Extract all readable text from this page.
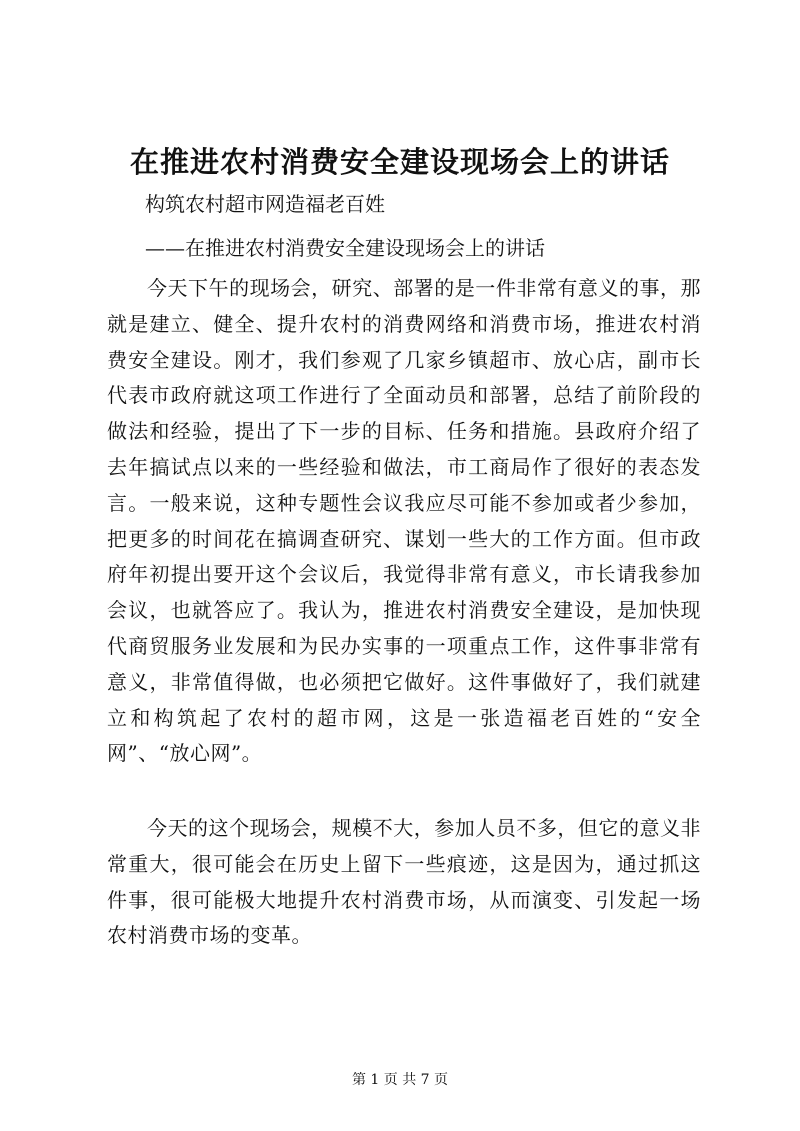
在推进农村消费安全建设现场会上的讲话

构筑农村超市网造福老百姓

——在推进农村消费安全建设现场会上的讲话

今天下午的现场会，研究、部署的是一件非常有意义的事，那就是建立、健全、提升农村的消费网络和消费市场，推进农村消费安全建设。刚才，我们参观了几家乡镇超市、放心店，副市长代表市政府就这项工作进行了全面动员和部署，总结了前阶段的做法和经验，提出了下一步的目标、任务和措施。县政府介绍了去年搞试点以来的一些经验和做法，市工商局作了很好的表态发言。一般来说，这种专题性会议我应尽可能不参加或者少参加，把更多的时间花在搞调查研究、谋划一些大的工作方面。但市政府年初提出要开这个会议后，我觉得非常有意义，市长请我参加会议，也就答应了。我认为，推进农村消费安全建设，是加快现代商贸服务业发展和为民办实事的一项重点工作，这件事非常有意义，非常值得做，也必须把它做好。这件事做好了，我们就建立和构筑起了农村的超市网，这是一张造福老百姓的“安全网”、“放心网”。

今天的这个现场会，规模不大，参加人员不多，但它的意义非常重大，很可能会在历史上留下一些痕迹，这是因为，通过抓这件事，很可能极大地提升农村消费市场，从而演变、引发起一场农村消费市场的变革。

第 1 页 共 7 页
